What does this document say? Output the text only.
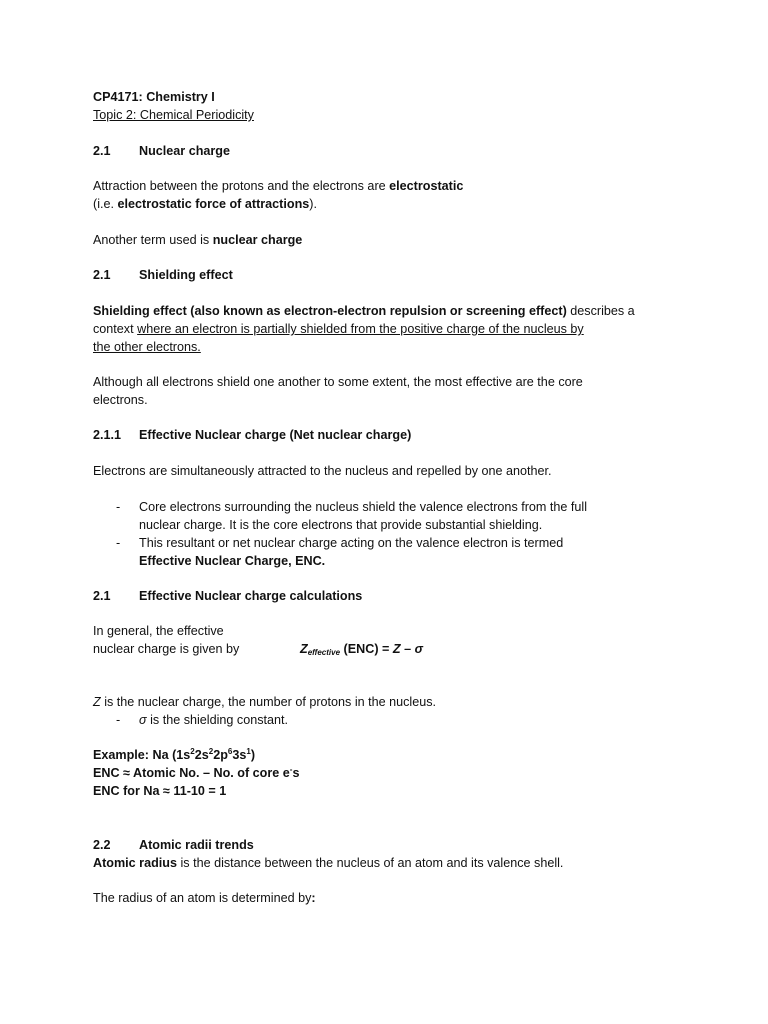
CP4171: Chemistry I
Topic 2: Chemical Periodicity
2.1 Nuclear charge
Attraction between the protons and the electrons are electrostatic
(i.e. electrostatic force of attractions).
Another term used is nuclear charge
2.1 Shielding effect
Shielding effect (also known as electron-electron repulsion or screening effect) describes a
context where an electron is partially shielded from the positive charge of the nucleus by
the other electrons.
Although all electrons shield one another to some extent, the most effective are the core
electrons.
2.1.1 Effective Nuclear charge (Net nuclear charge)
Electrons are simultaneously attracted to the nucleus and repelled by one another.
- Core electrons surrounding the nucleus shield the valence electrons from the full
nuclear charge. It is the core electrons that provide substantial shielding.
- This resultant or net nuclear charge acting on the valence electron is termed
Effective Nuclear Charge, ENC.
2.1 Effective Nuclear charge calculations
In general, the effective
nuclear charge is given by	Zeffective (ENC) = Z – σ
Z is the nuclear charge, the number of protons in the nucleus.
- σ is the shielding constant.
Example: Na $(1s^22s^22p^63s^1)$
ENC ≈ Atomic No. – No. of core e-s
ENC for Na ≈ 11-10 = 1
2.2 Atomic radii trends
Atomic radius is the distance between the nucleus of an atom and its valence shell.
The radius of an atom is determined by:
